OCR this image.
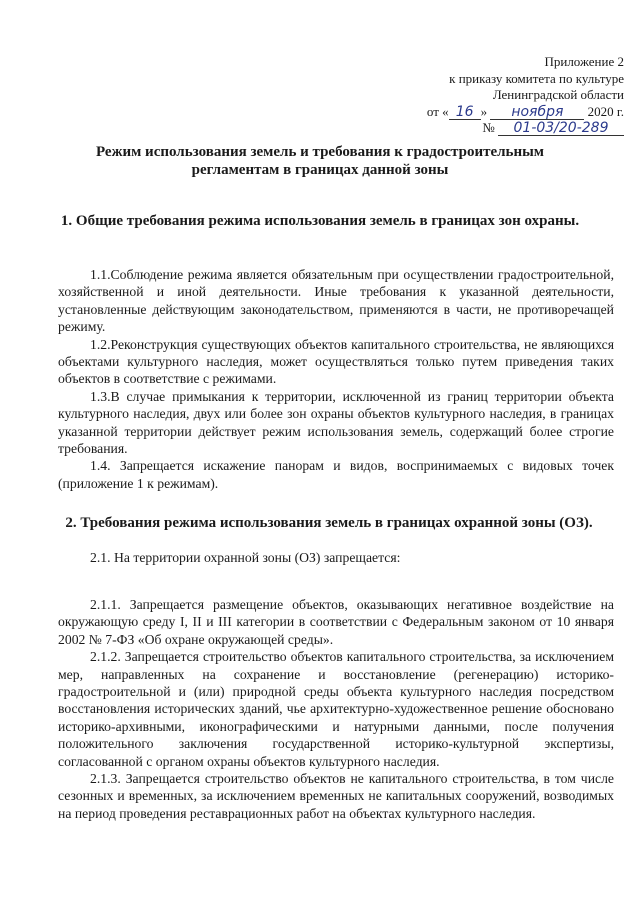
Приложение 2
к приказу комитета по культуре
Ленинградской области
от « 16 » ноября 2020 г.
№ 01-03/20-289
Режим использования земель и требования к градостроительным регламентам в границах данной зоны
1. Общие требования режима использования земель в границах зон охраны.

1.1.Соблюдение режима является обязательным при осуществлении градостроительной, хозяйственной и иной деятельности. Иные требования к указанной деятельности, установленные действующим законодательством, применяются в части, не противоречащей режиму.

1.2.Реконструкция существующих объектов капитального строительства, не являющихся объектами культурного наследия, может осуществляться только путем приведения таких объектов в соответствие с режимами.

1.3.В случае примыкания к территории, исключенной из границ территории объекта культурного наследия, двух или более зон охраны объектов культурного наследия, в границах указанной территории действует режим использования земель, содержащий более строгие требования.

1.4. Запрещается искажение панорам и видов, воспринимаемых с видовых точек (приложение 1 к режимам).

2. Требования режима использования земель в границах охранной зоны (ОЗ).

2.1. На территории охранной зоны (ОЗ) запрещается:

2.1.1. Запрещается размещение объектов, оказывающих негативное воздействие на окружающую среду I, II и III категории в соответствии с Федеральным законом от 10 января 2002 № 7-ФЗ «Об охране окружающей среды».

2.1.2. Запрещается строительство объектов капитального строительства, за исключением мер, направленных на сохранение и восстановление (регенерацию) историко-градостроительной и (или) природной среды объекта культурного наследия посредством восстановления исторических зданий, чье архитектурно-художественное решение обосновано историко-архивными, иконографическими и натурными данными, после получения положительного заключения государственной историко-культурной экспертизы, согласованной с органом охраны объектов культурного наследия.

2.1.3. Запрещается строительство объектов не капитального строительства, в том числе сезонных и временных, за исключением временных не капитальных сооружений, возводимых на период проведения реставрационных работ на объектах культурного наследия.
